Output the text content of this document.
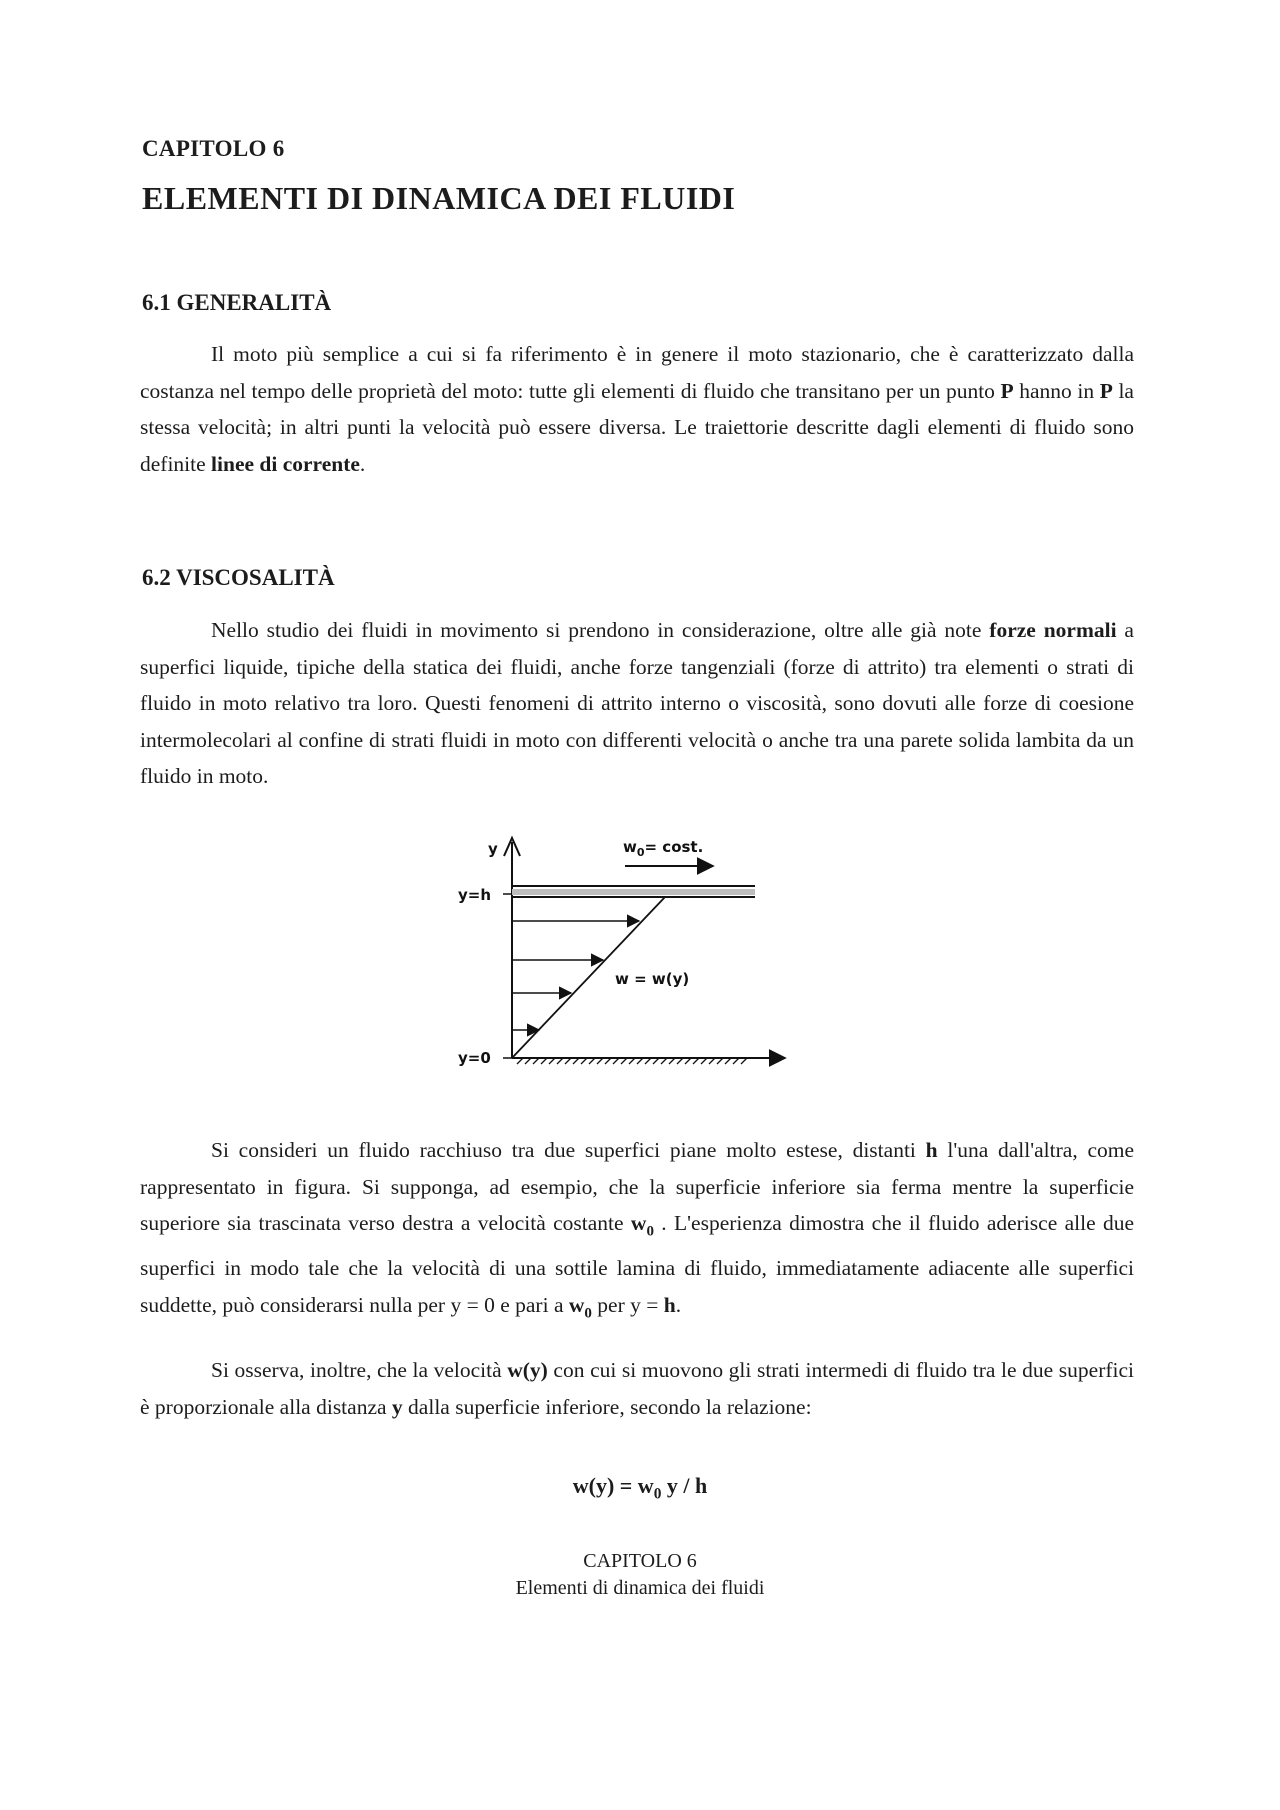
CAPITOLO 6
ELEMENTI DI DINAMICA DEI FLUIDI
6.1 GENERALITÀ

Il moto più semplice a cui si fa riferimento è in genere il moto stazionario, che è caratterizzato dalla costanza nel tempo delle proprietà del moto: tutte gli elementi di fluido che transitano per un punto P hanno in P la stessa velocità; in altri punti la velocità può essere diversa. Le traiettorie descritte dagli elementi di fluido sono definite linee di corrente.

6.2 VISCOSALITÀ

Nello studio dei fluidi in movimento si prendono in considerazione, oltre alle già note forze normali a superfici liquide, tipiche della statica dei fluidi, anche forze tangenziali (forze di attrito) tra elementi o strati di fluido in moto relativo tra loro. Questi fenomeni di attrito interno o viscosità, sono dovuti alle forze di coesione intermolecolari al confine di strati fluidi in moto con differenti velocità o anche tra una parete solida lambita da un fluido in moto.

y
y=h
$w_0= \cos t$.
y=0
w = w(y)

Si consideri un fluido racchiuso tra due superfici piane molto estese, distanti h l'una dall'altra, come rappresentato in figura. Si supponga, ad esempio, che la superficie inferiore sia ferma mentre la superficie superiore sia trascinata verso destra a velocità costante $w_0$ . L'esperienza dimostra che il fluido aderisce alle due superfici in modo tale che la velocità di una sottile lamina di fluido, immediatamente adiacente alle superfici suddette, può considerarsi nulla per y = 0 e pari a $w_0$ per y = h.

Si osserva, inoltre, che la velocità w(y) con cui si muovono gli strati intermedi di fluido tra le due superfici è proporzionale alla distanza y dalla superficie inferiore, secondo la relazione:

$w(y) = w_0$ y / h
CAPITOLO 6
Elementi di dinamica dei fluidi
